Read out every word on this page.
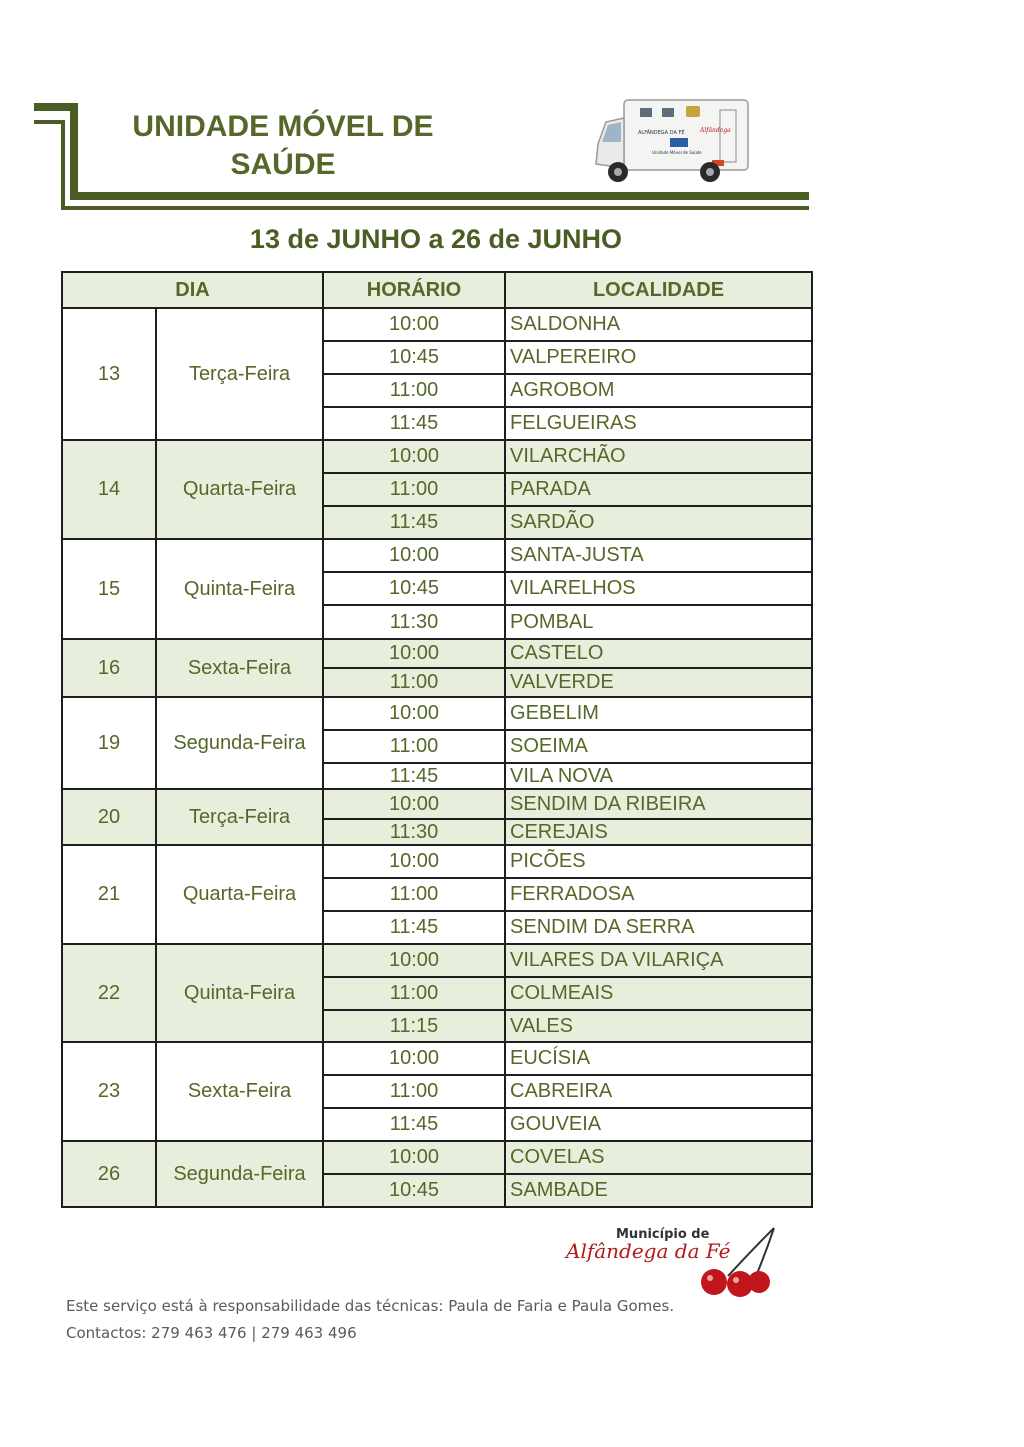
UNIDADE MÓVEL DE
SAÚDE
ALFÂNDEGA DA FÉ
Unidade Móvel de Saúde
Alfândega
13 de JUNHO a 26 de JUNHO
DIA		HORÁRIO	LOCALIDADE
13	Terça-Feira	10:00	SALDONHA
		10:45	VALPEREIRO
		11:00	AGROBOM
		11:45	FELGUEIRAS
14	Quarta-Feira	10:00	VILARCHÃO
		11:00	PARADA
		11:45	SARDÃO
15	Quinta-Feira	10:00	SANTA-JUSTA
		10:45	VILARELHOS
		11:30	POMBAL
16	Sexta-Feira	10:00	CASTELO
		11:00	VALVERDE
19	Segunda-Feira	10:00	GEBELIM
		11:00	SOEIMA
		11:45	VILA NOVA
20	Terça-Feira	10:00	SENDIM DA RIBEIRA
		11:30	CEREJAIS
21	Quarta-Feira	10:00	PICÕES
		11:00	FERRADOSA
		11:45	SENDIM DA SERRA
22	Quinta-Feira	10:00	VILARES DA VILARIÇA
		11:00	COLMEAIS
		11:15	VALES
23	Sexta-Feira	10:00	EUCÍSIA
		11:00	CABREIRA
		11:45	GOUVEIA
26	Segunda-Feira	10:00	COVELAS
		10:45	SAMBADE
Município de
Alfândega da Fé
Este serviço está à responsabilidade das técnicas: Paula de Faria e Paula Gomes.
Contactos: 279 463 476 | 279 463 496
